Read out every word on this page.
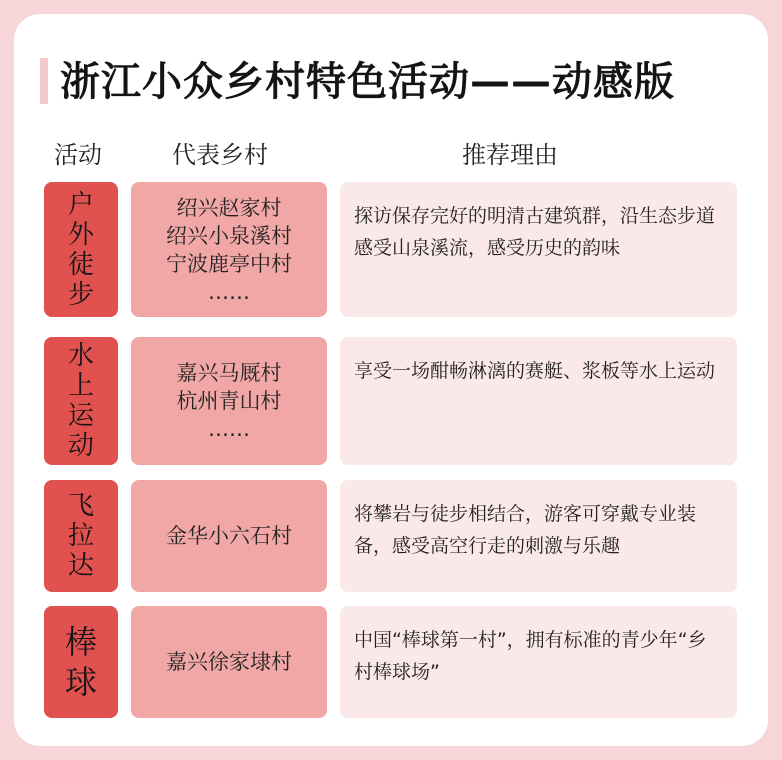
浙江小众乡村特色活动——动感版
活动	代表乡村	推荐理由
户外徒步
绍兴赵家村
绍兴小泉溪村
宁波鹿亭中村
……

探访保存完好的明清古建筑群，沿生态步道感受山泉溪流，感受历史的韵味

水上运动
嘉兴马厩村
杭州青山村
……

享受一场酣畅淋漓的赛艇、浆板等水上运动

飞拉达
金华小六石村

将攀岩与徒步相结合，游客可穿戴专业装备，感受高空行走的刺激与乐趣

棒球
嘉兴徐家埭村

中国“棒球第一村”，拥有标准的青少年“乡村棒球场”
